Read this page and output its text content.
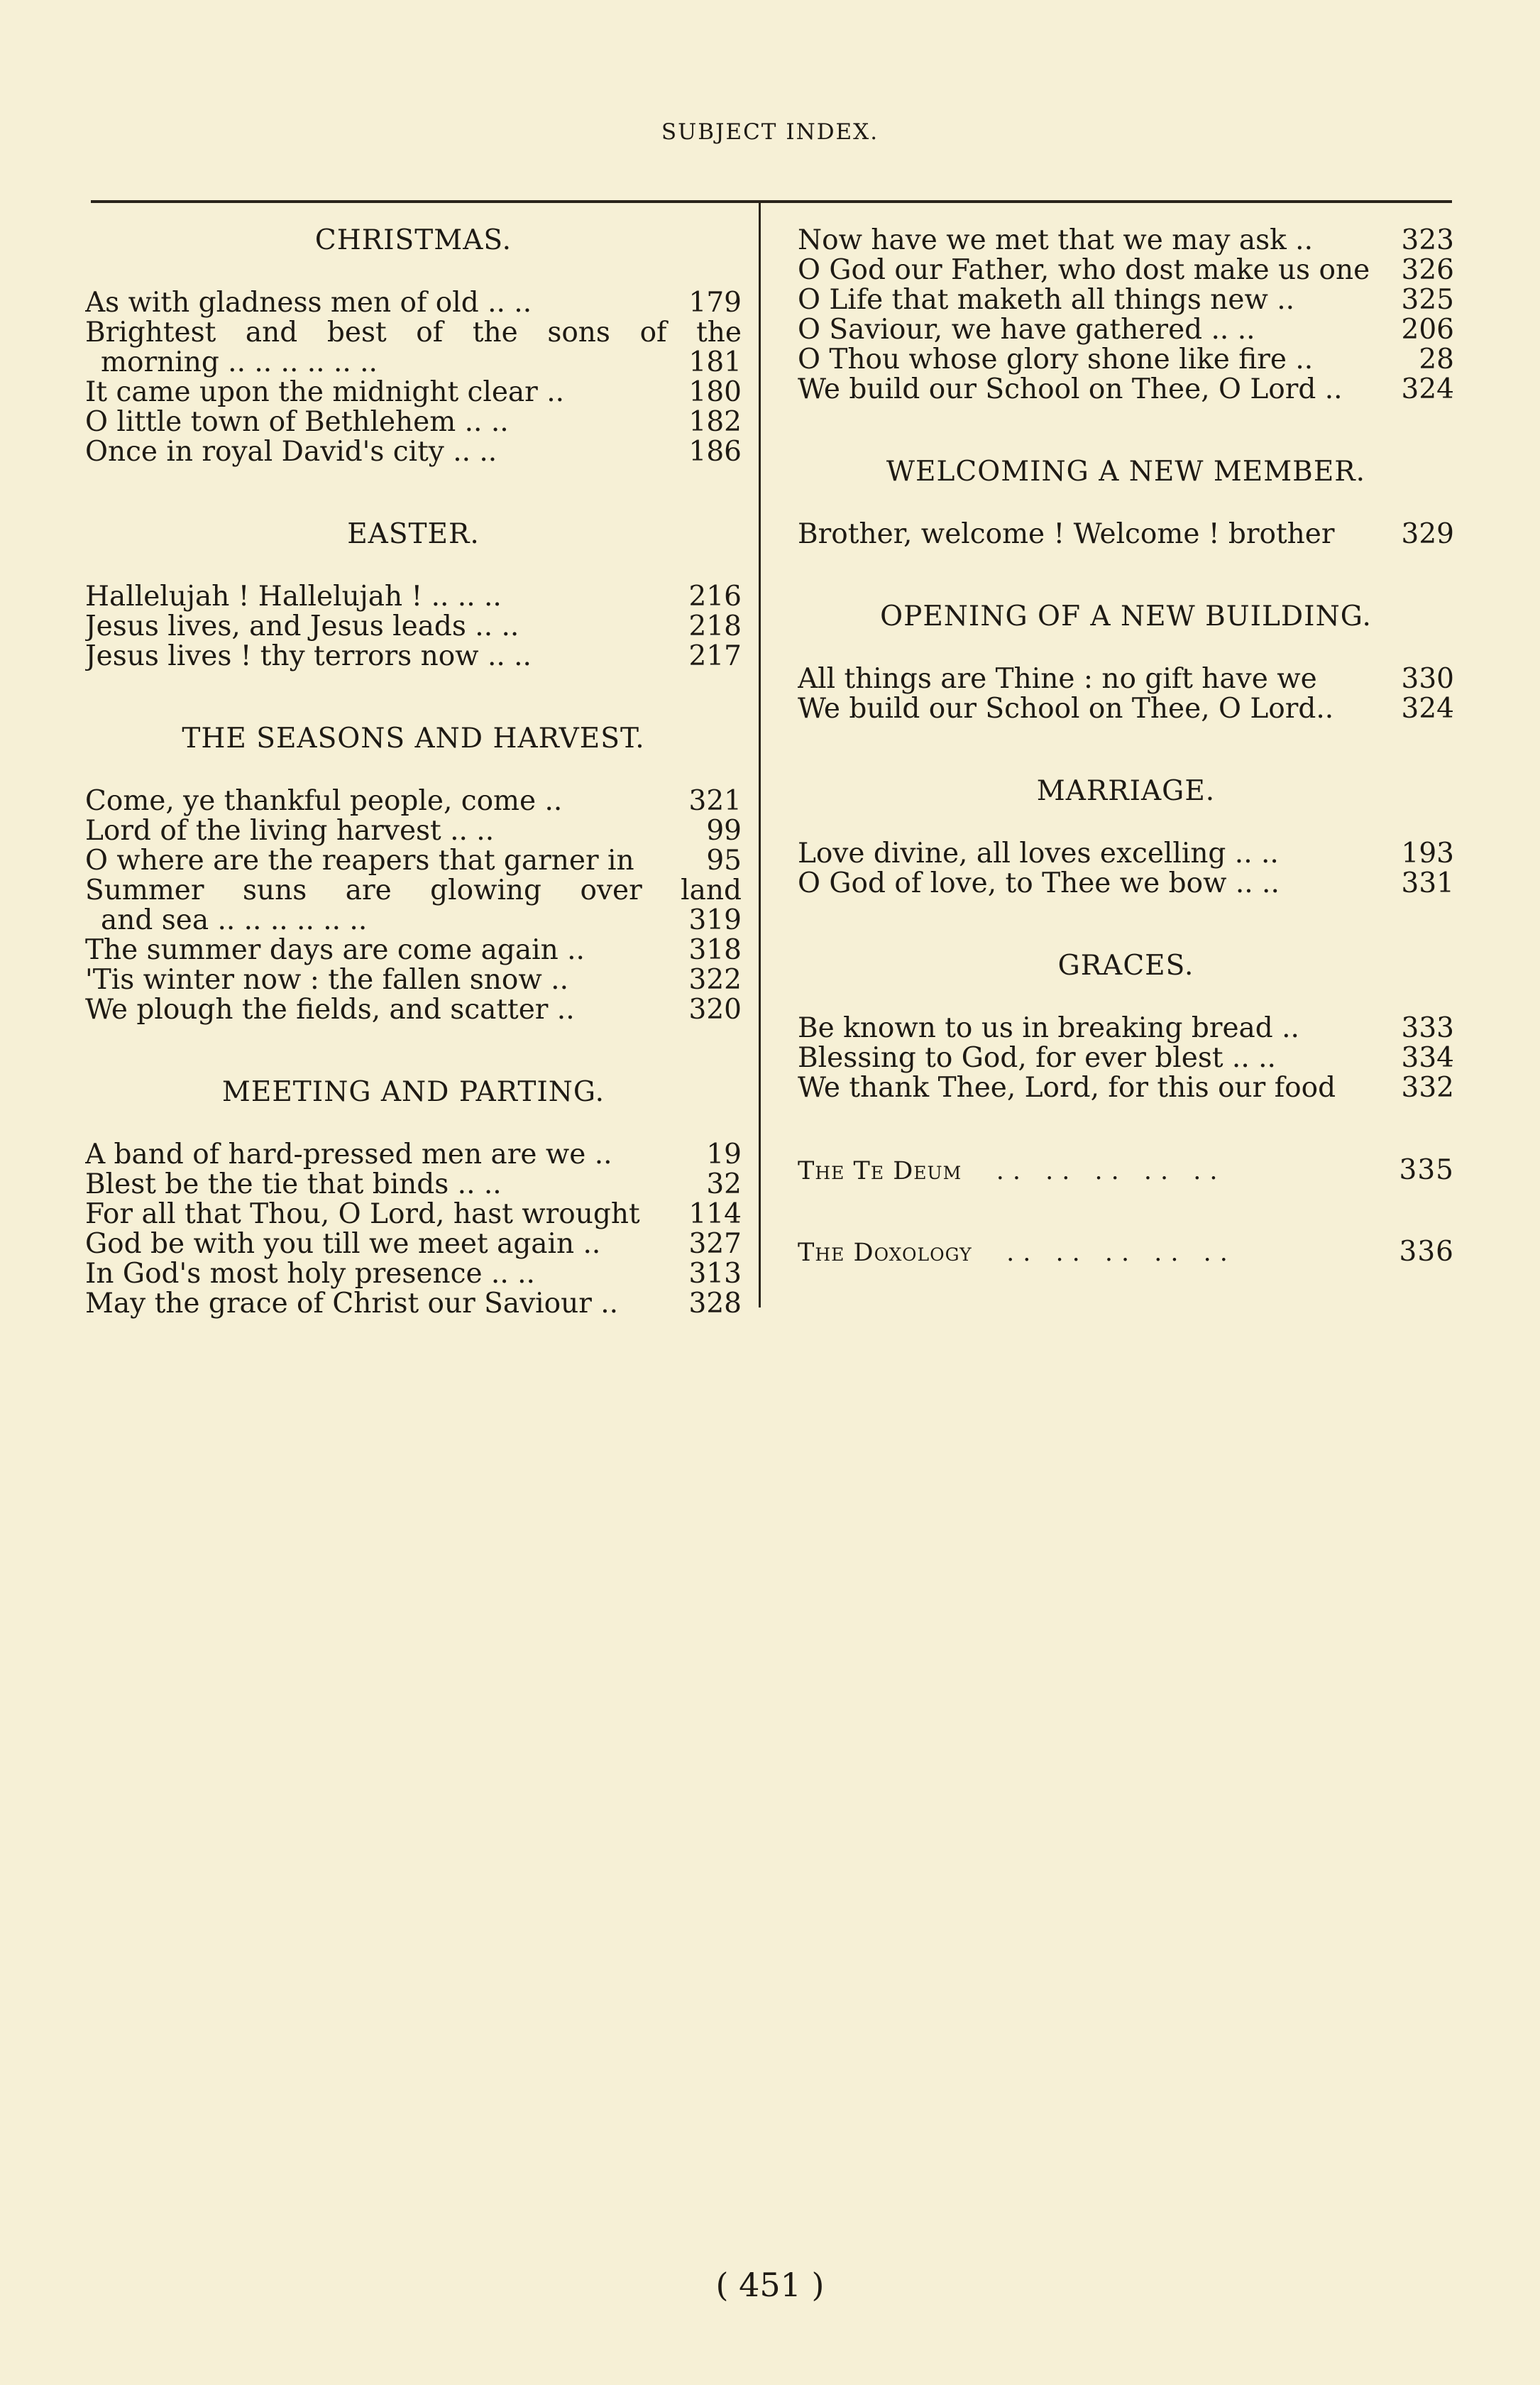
SUBJECT INDEX.
CHRISTMAS.
As with gladness men of old .. ..	179
Brightest and best of the sons of the
morning .. .. .. .. .. ..	181
It came upon the midnight clear ..	180
O little town of Bethlehem .. ..	182
Once in royal David's city .. ..	186
EASTER.
Hallelujah ! Hallelujah ! .. .. ..	216
Jesus lives, and Jesus leads .. ..	218
Jesus lives ! thy terrors now .. ..	217
THE SEASONS AND HARVEST.
Come, ye thankful people, come ..	321
Lord of the living harvest .. ..	99
O where are the reapers that garner in	95
Summer suns are glowing over land
and sea .. .. .. .. .. ..	319
The summer days are come again ..	318
'Tis winter now : the fallen snow ..	322
We plough the fields, and scatter ..	320
MEETING AND PARTING.
A band of hard-pressed men are we ..	19
Blest be the tie that binds .. ..	32
For all that Thou, O Lord, hast wrought	114
God be with you till we meet again ..	327
In God's most holy presence .. ..	313
May the grace of Christ our Saviour ..	328
Now have we met that we may ask ..	323
O God our Father, who dost make us one	326
O Life that maketh all things new ..	325
O Saviour, we have gathered .. ..	206
O Thou whose glory shone like fire ..	28
We build our School on Thee, O Lord ..	324
WELCOMING A NEW MEMBER.
Brother, welcome ! Welcome ! brother	329
OPENING OF A NEW BUILDING.
All things are Thine : no gift have we	330
We build our School on Thee, O Lord..	324
MARRIAGE.
Love divine, all loves excelling .. ..	193
O God of love, to Thee we bow .. ..	331
GRACES.
Be known to us in breaking bread ..	333
Blessing to God, for ever blest .. ..	334
We thank Thee, Lord, for this our food	332
The Te Deum .. .. .. .. ..	335
The Doxology .. .. .. .. ..	336
( 451 )
